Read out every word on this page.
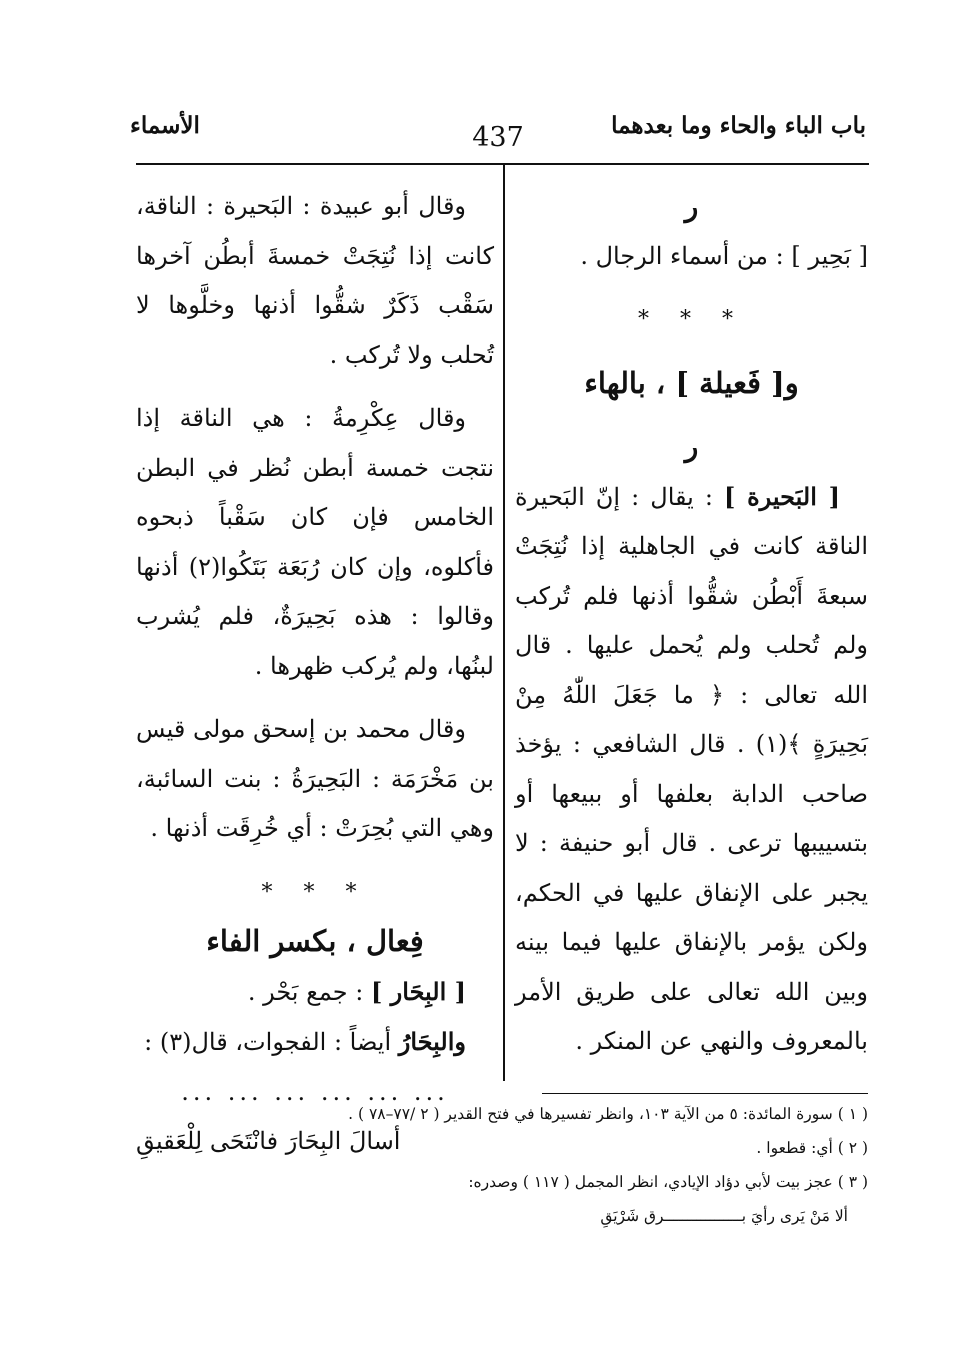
باب الباء والحاء وما بعدهما
437
الأسماء

ر

[ بَحِير ] : من أسماء الرجال .

* * *

و[ فَعيلة ] ، بالهاء

ر

[ البَحيرة ] : يقال : إنّ البَحيرة الناقة كانت في الجاهلية إذا نُتِجَتْ سبعةَ أَبْطُن شقُّوا أذنها فلم تُركب ولم تُحلب ولم يُحمل عليها . قال الله تعالى : ﴿ ما جَعَلَ اللّٰهُ مِنْ بَحِيرَةٍ ﴾(١) . قال الشافعي : يؤخذ صاحب الدابة بعلفها أو ببيعها أو بتسييبها ترعى . قال أبو حنيفة : لا يجبر على الإنفاق عليها في الحكم، ولكن يؤمر بالإنفاق عليها فيما بينه وبين الله تعالى على طريق الأمر بالمعروف والنهي عن المنكر .

وقال أبو عبيدة : البَحيرة : الناقة، كانت إذا نُتِجَتْ خمسةَ أبطُن آخرها سَقْب ذَكَرٌ شقُّوا أذنها وخلَّوها لا تُحلب ولا تُركب .

وقال عِكْرِمةُ : هي الناقة إذا نتجت خمسة أبطن نُظر في البطن الخامس فإن كان سَقْباً ذبحوه فأكلوه، وإن كان رُبَعَة بَتَكُوا(٢) أذنها وقالوا : هذه بَحِيرَةٌ، فلم يُشرب لبنُها، ولم يُركب ظهرها .

وقال محمد بن إسحق مولى قيس بن مَخْرَمَة : البَحِيرَةُ : بنت السائبة، وهي التي بُحِرَتْ : أي خُرِقَت أذنها .

* * *

فِعال ، بكسر الفاء

[ البِحَار ] : جمع بَحْر .

والبِحَارُ أيضاً : الفجوات، قال(٣) :

... ... ... ... ... ...

أسالَ البِحَارَ فانْتَحَى لِلْعَقيقِ

( ١ ) سورة المائدة: ٥ من الآية ١٠٣، وانظر تفسيرها في فتح القدير ( ٢ /٧٧–٧٨ ) .

( ٢ ) أي: قطعوا .

( ٣ ) عجز بيت لأبي دؤاد الإيادي، انظر المجمل ( ١١٧ ) وصدره:

ألا مَنْ يَرى رأيَ بـــــــــــــــــرق شَرْيَقِ
